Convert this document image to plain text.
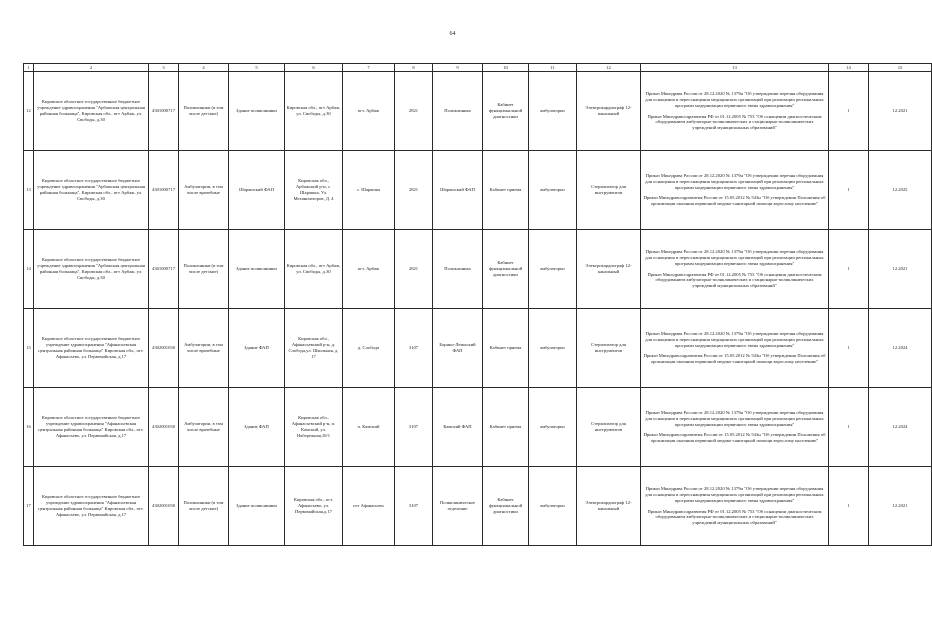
64
1	2	3	4	5	6	7	8	9	10	11	12	13	14	15
12	Кировское областное государственное бюджетное учреждение здравоохранения "Арбажская центральная районная больница", Кировская обл., пгт Арбаж, ул. Свободы, д.30	4301000717	Поликлиники (в том числе детские)	Здание поликлиники	Кировская обл., пгт Арбаж, ул. Свободы, д.30	пгт. Арбаж	2821	Поликлиника	Кабинет функциональной диагностики	амбулаторно	Электрокардиограф 12-канальный	Приказ Минздрава России от 28.12.2020 № 1379н "Об утверждении перечня оборудования для оснащения и переоснащения медицинских организаций при реализации региональных программ модернизации первичного звена здравоохранения"
Приказ Минздравсоцразвития РФ от 01.12.2005 № 753 "Об оснащении диагностическим оборудованием амбулаторно-поликлинических и стационарно-поликлинических учреждений муниципальных образований"	1	12.2021
13	Кировское областное государственное бюджетное учреждение здравоохранения "Арбажская центральная районная больница", Кировская обл., пгт Арбаж, ул. Свободы, д.30	4301000717	Амбулатории, в том числе врачебные	Шарашский ФАП	Кировская обл., Арбажский р-н, с. Шарашка, Ул. Механизаторов, Д. 4	с. Шарашка	2821	Шарашский ФАП	Кабинет приема	амбулаторно	Стерилизатор для инструментов	Приказ Минздрава России от 28.12.2020 № 1379н "Об утверждении перечня оборудования для оснащения и переоснащения медицинских организаций при реализации региональных программ модернизации первичного звена здравоохранения"
Приказ Минздравсоцразвития России от 15.05.2012 № 543н "Об утверждении Положения об организации оказания первичной медико-санитарной помощи взрослому населению"	1	12.2025
14	Кировское областное государственное бюджетное учреждение здравоохранения "Арбажская центральная районная больница", Кировская обл., пгт Арбаж, ул. Свободы, д.30	4301000717	Поликлиники (в том числе детские)	Здание поликлиники	Кировская обл., пгт Арбаж, ул. Свободы, д.30	пгт. Арбаж	2821	Поликлиника	Кабинет функциональной диагностики	амбулаторно	Электрокардиограф 12-канальный	Приказ Минздрава России от 28.12.2020 № 1379н "Об утверждении перечня оборудования для оснащения и переоснащения медицинских организаций при реализации региональных программ модернизации первичного звена здравоохранения"
Приказ Минздравсоцразвития РФ от 01.12.2005 № 753 "Об оснащении диагностическим оборудованием амбулаторно-поликлинических и стационарно-поликлинических учреждений муниципальных образований"	1	12.2021
15	Кировское областное государственное бюджетное учреждение здравоохранения "Афанасьевская центральная районная больница" Кировская обл., пгт. Афанасьево, ул. Первомайская, д.17	4302001030	Амбулатории, в том числе врачебные	Здание ФАП	Кировская обл., Афанасьевский р-н, д. Слобода,ул. Школьная, д. 17	д. Слобода	3107	Борино-Лемыский ФАП	Кабинет приема	амбулаторно	Стерилизатор для инструментов	Приказ Минздрава России от 28.12.2020 № 1379н "Об утверждении перечня оборудования для оснащения и переоснащения медицинских организаций при реализации региональных программ модернизации первичного звена здравоохранения"
Приказ Минздравсоцразвития России от 15.05.2012 № 543н "Об утверждении Положения об организации оказания первичной медико-санитарной помощи взрослому населению"	1	12.2024
16	Кировское областное государственное бюджетное учреждение здравоохранения "Афанасьевская центральная районная больница" Кировская обл., пгт. Афанасьево, ул. Первомайская, д.17	4302001030	Амбулатории, в том числе врачебные	Здание ФАП	Кировская обл., Афанасьевский р-н, п. Камский, ул. Набережная,10/1	п. Камский	3107	Камский ФАП	Кабинет приема	амбулаторно	Стерилизатор для инструментов	Приказ Минздрава России от 28.12.2020 № 1379н "Об утверждении перечня оборудования для оснащения и переоснащения медицинских организаций при реализации региональных программ модернизации первичного звена здравоохранения"
Приказ Минздравсоцразвития России от 15.05.2012 № 543н "Об утверждении Положения об организации оказания первичной медико-санитарной помощи взрослому населению"	1	12.2024
17	Кировское областное государственное бюджетное учреждение здравоохранения "Афанасьевская центральная районная больница" Кировская обл., пгт. Афанасьево, ул. Первомайская, д.17	4302001030	Поликлиники (в том числе детские)	Здание поликлиники	Кировская обл., пгт. Афанасьево, ул. Первомайская,д.17	пгт Афанасьево	3107	Поликлиническое отделение	Кабинет функциональной диагностики	амбулаторно	Электрокардиограф 12-канальный	Приказ Минздрава России от 28.12.2020 № 1379н "Об утверждении перечня оборудования для оснащения и переоснащения медицинских организаций при реализации региональных программ модернизации первичного звена здравоохранения"
Приказ Минздравсоцразвития РФ от 01.12.2005 № 753 "Об оснащении диагностическим оборудованием амбулаторно-поликлинических и стационарно-поликлинических учреждений муниципальных образований"	1	12.2021
